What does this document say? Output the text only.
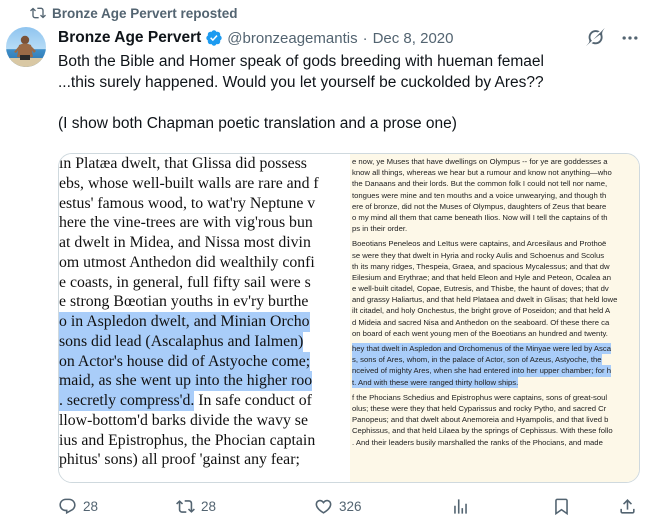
Bronze Age Pervert reposted
Bronze Age Pervert @bronzeagemantis · Dec 8, 2020

Both the Bible and Homer speak of gods breeding with hueman femael

...this surely happened. Would you let yourself be cuckolded by Ares??

(I show both Chapman poetic translation and a prose one)

in Platæa dwelt, that Glissa did possess
ebs, whose well-built walls are rare and f
estus' famous wood, to wat'ry Neptune v
here the vine-trees are with vig'rous bun
at dwelt in Midea, and Nissa most divin
om utmost Anthedon did wealthily confi
e coasts, in general, full fifty sail were s
e strong Bœotian youths in ev'ry burthe
o in Aspledon dwelt, and Minian Orcho
sons did lead (Ascalaphus and Ialmen)
on Actor's house did of Astyoche come;
maid, as she went up into the higher roo
. secretly compress'd. In safe conduct of
llow-bottom'd barks divide the wavy se
ius and Epistrophus, the Phocian captain
phitus' sons) all proof 'gainst any fear;
e now, ye Muses that have dwellings on Olympus -- for ye are goddesses a
know all things, whereas we hear but a rumour and know not anything—who
the Danaans and their lords. But the common folk I could not tell nor name,
tongues were mine and ten mouths and a voice unwearying, and though th
ere of bronze, did not the Muses of Olympus, daughters of Zeus that beare
o my mind all them that came beneath Ilios. Now will I tell the captains of th
ps in their order.
Boeotians Peneleos and Leïtus were captains, and Arcesilaus and Prothoë
se were they that dwelt in Hyria and rocky Aulis and Schoenus and Scolus
th its many ridges, Thespeia, Graea, and spacious Mycalessus; and that dw
Eilesium and Erythrae; and that held Eleon and Hyle and Peteon, Ocalea an
e well-built citadel, Copae, Eutresis, and Thisbe, the haunt of doves; that dv
and grassy Haliartus, and that held Plataea and dwelt in Glisas; that held lowe
ilt citadel, and holy Onchestus, the bright grove of Poseidon; and that held A
d Mideia and sacred Nisa and Anthedon on the seaboard. Of these there ca
on board of each went young men of the Boeotians an hundred and twenty.
hey that dwelt in Aspledon and Orchomenus of the Minyae were led by Asca
s, sons of Ares, whom, in the palace of Actor, son of Azeus, Astyoche, the
nceived of mighty Ares, when she had entered into her upper chamber; for h
t. And with these were ranged thirty hollow ships.
f the Phocians Schedius and Epistrophus were captains, sons of great-soul
olus; these were they that held Cyparissus and rocky Pytho, and sacred Cr
Panopeus; and that dwelt about Anemoreia and Hyampolis, and that lived b
Cephissus, and that held Lilaea by the springs of Cephissus. With these follo
. And their leaders busily marshalled the ranks of the Phocians, and made
28	28	326
